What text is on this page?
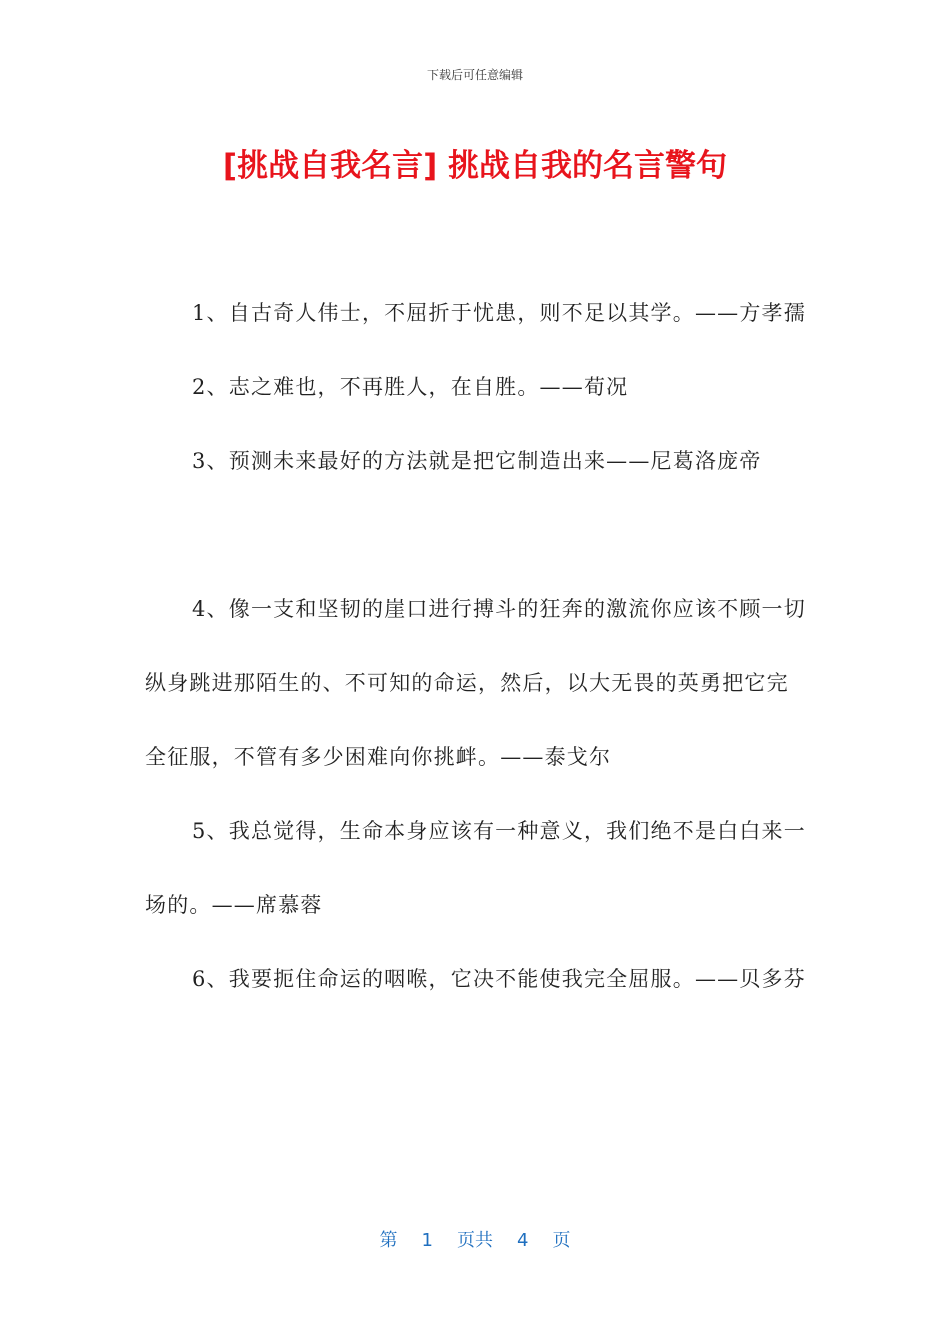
下载后可任意编辑
[挑战自我名言] 挑战自我的名言警句

1、自古奇人伟士，不屈折于忧患，则不足以其学。——方孝孺

2、志之难也，不再胜人，在自胜。——荀况

3、预测未来最好的方法就是把它制造出来——尼葛洛庞帝

4、像一支和坚韧的崖口进行搏斗的狂奔的激流你应该不顾一切纵身跳进那陌生的、不可知的命运，然后，以大无畏的英勇把它完全征服，不管有多少困难向你挑衅。——泰戈尔

5、我总觉得，生命本身应该有一种意义，我们绝不是白白来一场的。——席慕蓉

6、我要扼住命运的咽喉，它决不能使我完全屈服。——贝多芬

第 1 页共 4 页
